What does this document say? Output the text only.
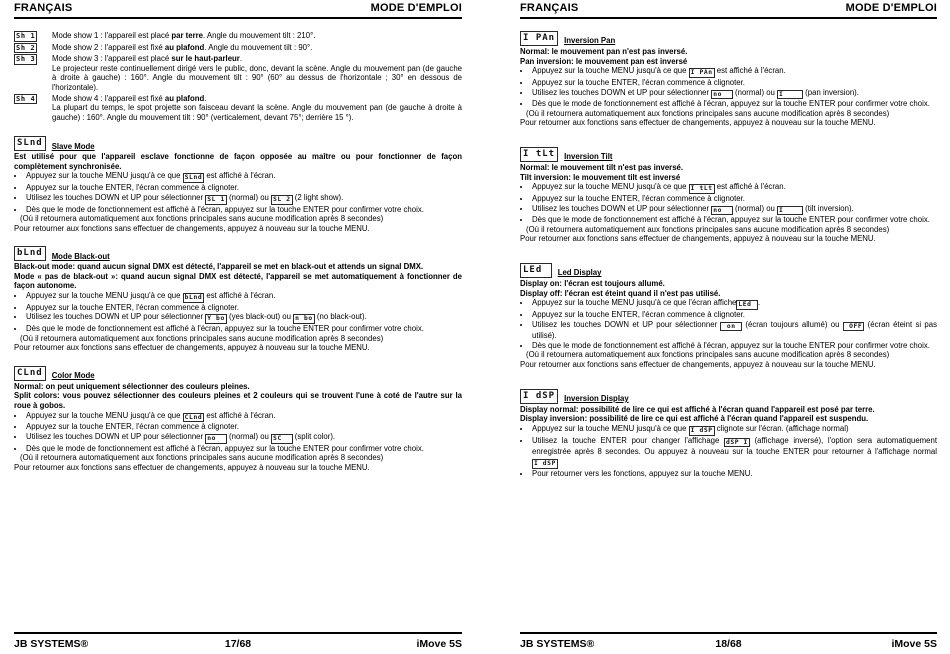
FRANÇAIS	MODE D'EMPLOI
Sh 1	Mode show 1 : l'appareil est placé par terre. Angle du mouvement tilt : 210°.

Sh 2	Mode show 2 : l'appareil est fixé au plafond. Angle du mouvement tilt : 90°.

Sh 3	Mode show 3 : l'appareil est placé sur le haut-parleur.

Le projecteur reste continuellement dirigé vers le public, donc, devant la scène. Angle du mouvement pan (de gauche à droite à gauche) : 160°. Angle du mouvement tilt : 90° (60° au dessus de l'horizontale ; 30° en dessous de l'horizontale).

Sh 4	Mode show 4 : l'appareil est fixé au plafond.

La plupart du temps, le spot projette son faisceau devant la scène. Angle du mouvement pan (de gauche à droite à gauche) : 160°. Angle du mouvement tilt : 90° (verticalement, devant 75°; derrière 15 °).

SLnd	Slave Mode

Est utilisé pour que l'appareil esclave fonctionne de façon opposée au maître ou pour fonctionner de façon complètement synchronisée.

• Appuyez sur la touche MENU jusqu'à ce que SLnd est affiché à l'écran.
• Appuyez sur la touche ENTER, l'écran commence à clignoter.
• Utilisez les touches DOWN et UP pour sélectionner SL 1 (normal) ou SL 2 (2 light show).
• Dès que le mode de fonctionnement est affiché à l'écran, appuyez sur la touche ENTER pour confirmer votre choix.

(Où il retournera automatiquement aux fonctions principales sans aucune modification après 8 secondes)

Pour retourner aux fonctions sans effectuer de changements, appuyez à nouveau sur la touche MENU.

bLnd	Mode Black-out

Black-out mode: quand aucun signal DMX est détecté, l'appareil se met en black-out et attends un signal DMX.

Mode « pas de black-out »: quand aucun signal DMX est détecté, l'appareil se met automatiquement à fonctionner de façon autonome.

• Appuyez sur la touche MENU jusqu'à ce que bLnd est affiché à l'écran.
• Appuyez sur la touche ENTER, l'écran commence à clignoter.
• Utilisez les touches DOWN et UP pour sélectionner Y bo (yes black-out) ou n bo (no black-out).
• Dès que le mode de fonctionnement est affiché à l'écran, appuyez sur la touche ENTER pour confirmer votre choix.

(Où il retournera automatiquement aux fonctions principales sans aucune modification après 8 secondes)

Pour retourner aux fonctions sans effectuer de changements, appuyez à nouveau sur la touche MENU.

CLnd	Color Mode

Normal: on peut uniquement sélectionner des couleurs pleines.

Split colors: vous pouvez sélectionner des couleurs pleines et 2 couleurs qui se trouvent l'une à coté de l'autre sur la roue à gobos.

• Appuyez sur la touche MENU jusqu'à ce que CLnd est affiché à l'écran.
• Appuyez sur la touche ENTER, l'écran commence à clignoter.
• Utilisez les touches DOWN et UP pour sélectionner no   (normal) ou SC   (split color).
• Dès que le mode de fonctionnement est affiché à l'écran, appuyez sur la touche ENTER pour confirmer votre choix.

(Où il retournera automatiquement aux fonctions principales sans aucune modification après 8 secondes)

Pour retourner aux fonctions sans effectuer de changements, appuyez à nouveau sur la touche MENU.

17/68
JB SYSTEMS®	iMove 5S
FRANÇAIS	MODE D'EMPLOI
I PAn	Inversion Pan

Normal: le mouvement pan n'est pas inversé.

Pan inversion: le mouvement pan est inversé

• Appuyez sur la touche MENU jusqu'à ce que I PAn est affiché à l'écran.
• Appuyez sur la touche ENTER, l'écran commence à clignoter.
• Utilisez les touches DOWN et UP pour sélectionner no   (normal) ou I     (pan inversion).
• Dès que le mode de fonctionnement est affiché à l'écran, appuyez sur la touche ENTER pour confirmer votre choix.

(Où il retournera automatiquement aux fonctions principales sans aucune modification après 8 secondes)

Pour retourner aux fonctions sans effectuer de changements, appuyez à nouveau sur la touche MENU.

I tLt	Inversion Tilt

Normal: le mouvement tilt n'est pas inversé.

Tilt inversion: le mouvement tilt est inversé

• Appuyez sur la touche MENU jusqu'à ce que I tLt est affiché à l'écran.
• Appuyez sur la touche ENTER, l'écran commence à clignoter.
• Utilisez les touches DOWN et UP pour sélectionner no   (normal) ou I     (tilt inversion).
• Dès que le mode de fonctionnement est affiché à l'écran, appuyez sur la touche ENTER pour confirmer votre choix.

(Où il retournera automatiquement aux fonctions principales sans aucune modification après 8 secondes)

Pour retourner aux fonctions sans effectuer de changements, appuyez à nouveau sur la touche MENU.

LEd	Led Display

Display on: l'écran est toujours allumé.

Display off: l'écran est éteint quand il n'est pas utilisé.

• Appuyez sur la touche MENU jusqu'à ce que l'écran affiche LEd .
• Appuyez sur la touche ENTER, l'écran commence à clignoter.
• Utilisez les touches DOWN et UP pour sélectionner  on  (écran toujours allumé) ou  OFF (écran éteint si pas utilisé).
• Dès que le mode de fonctionnement est affiché à l'écran, appuyez sur la touche ENTER pour confirmer votre choix.

(Où il retournera automatiquement aux fonctions principales sans aucune modification après 8 secondes)

Pour retourner aux fonctions sans effectuer de changements, appuyez à nouveau sur la touche MENU.

I dSP	Inversion Display

Display normal: possibilité de lire ce qui est affiché à l'écran quand l'appareil est posé par terre.

Display inversion: possibilité de lire ce qui est affiché à l'écran quand l'appareil est suspendu.

• Appuyez sur la touche MENU jusqu'à ce que I dSP clignote sur l'écran. (affichage normal)
• Utilisez la touche ENTER pour changer l'affichage dSP I (affichage inversé), l'option sera automatiquement enregistrée après 8 secondes. Ou appuyez à nouveau sur la touche ENTER pour retourner à l'affichage normal I dSP
• Pour retourner vers les fonctions, appuyez sur la touche MENU.
18/68
JB SYSTEMS®	iMove 5S
